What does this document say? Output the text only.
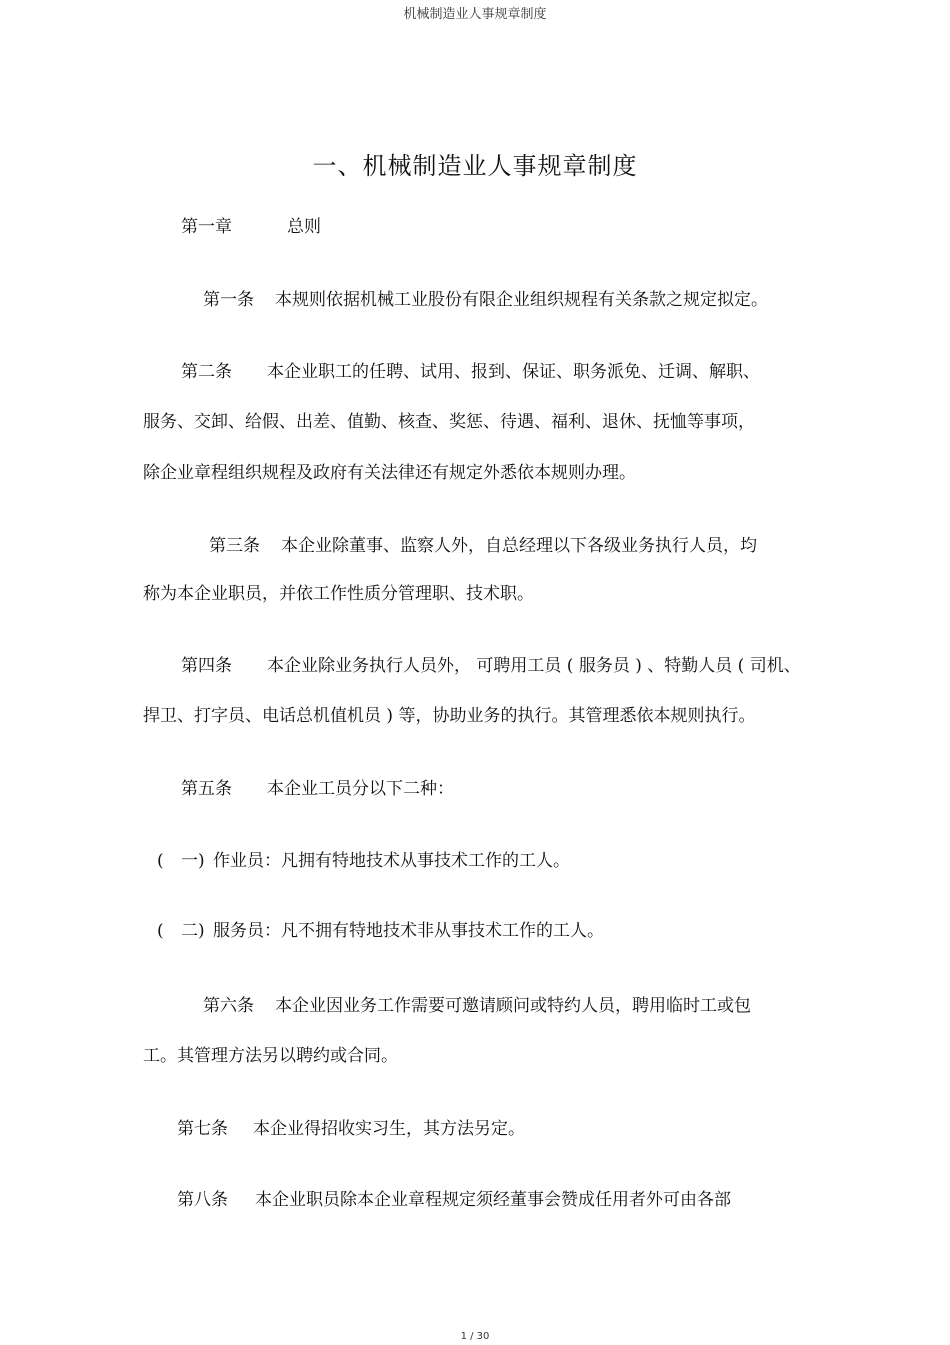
机械制造业人事规章制度
一、机械制造业人事规章制度
第一章	总则
第一条 本规则依据机械工业股份有限企业组织规程有关条款之规定拟定。
第二条 本企业职工的任聘、试用、报到、保证、职务派免、迁调、解职、
服务、交卸、给假、出差、值勤、核查、奖惩、待遇、福利、退休、抚恤等事项，
除企业章程组织规程及政府有关法律还有规定外悉依本规则办理。
第三条 本企业除董事、监察人外，自总经理以下各级业务执行人员，均
称为本企业职员，并依工作性质分管理职、技术职。
第四条 本企业除业务执行人员外， 可聘用工员 ( 服务员 ) 、特勤人员 ( 司机、
捍卫、打字员、电话总机值机员 ) 等，协助业务的执行。其管理悉依本规则执行。
第五条 本企业工员分以下二种：
( 一) 作业员：凡拥有特地技术从事技术工作的工人。
( 二) 服务员：凡不拥有特地技术非从事技术工作的工人。
第六条 本企业因业务工作需要可邀请顾问或特约人员，聘用临时工或包
工。其管理方法另以聘约或合同。
第七条 本企业得招收实习生，其方法另定。
第八条 本企业职员除本企业章程规定须经董事会赞成任用者外可由各部
1 / 30
